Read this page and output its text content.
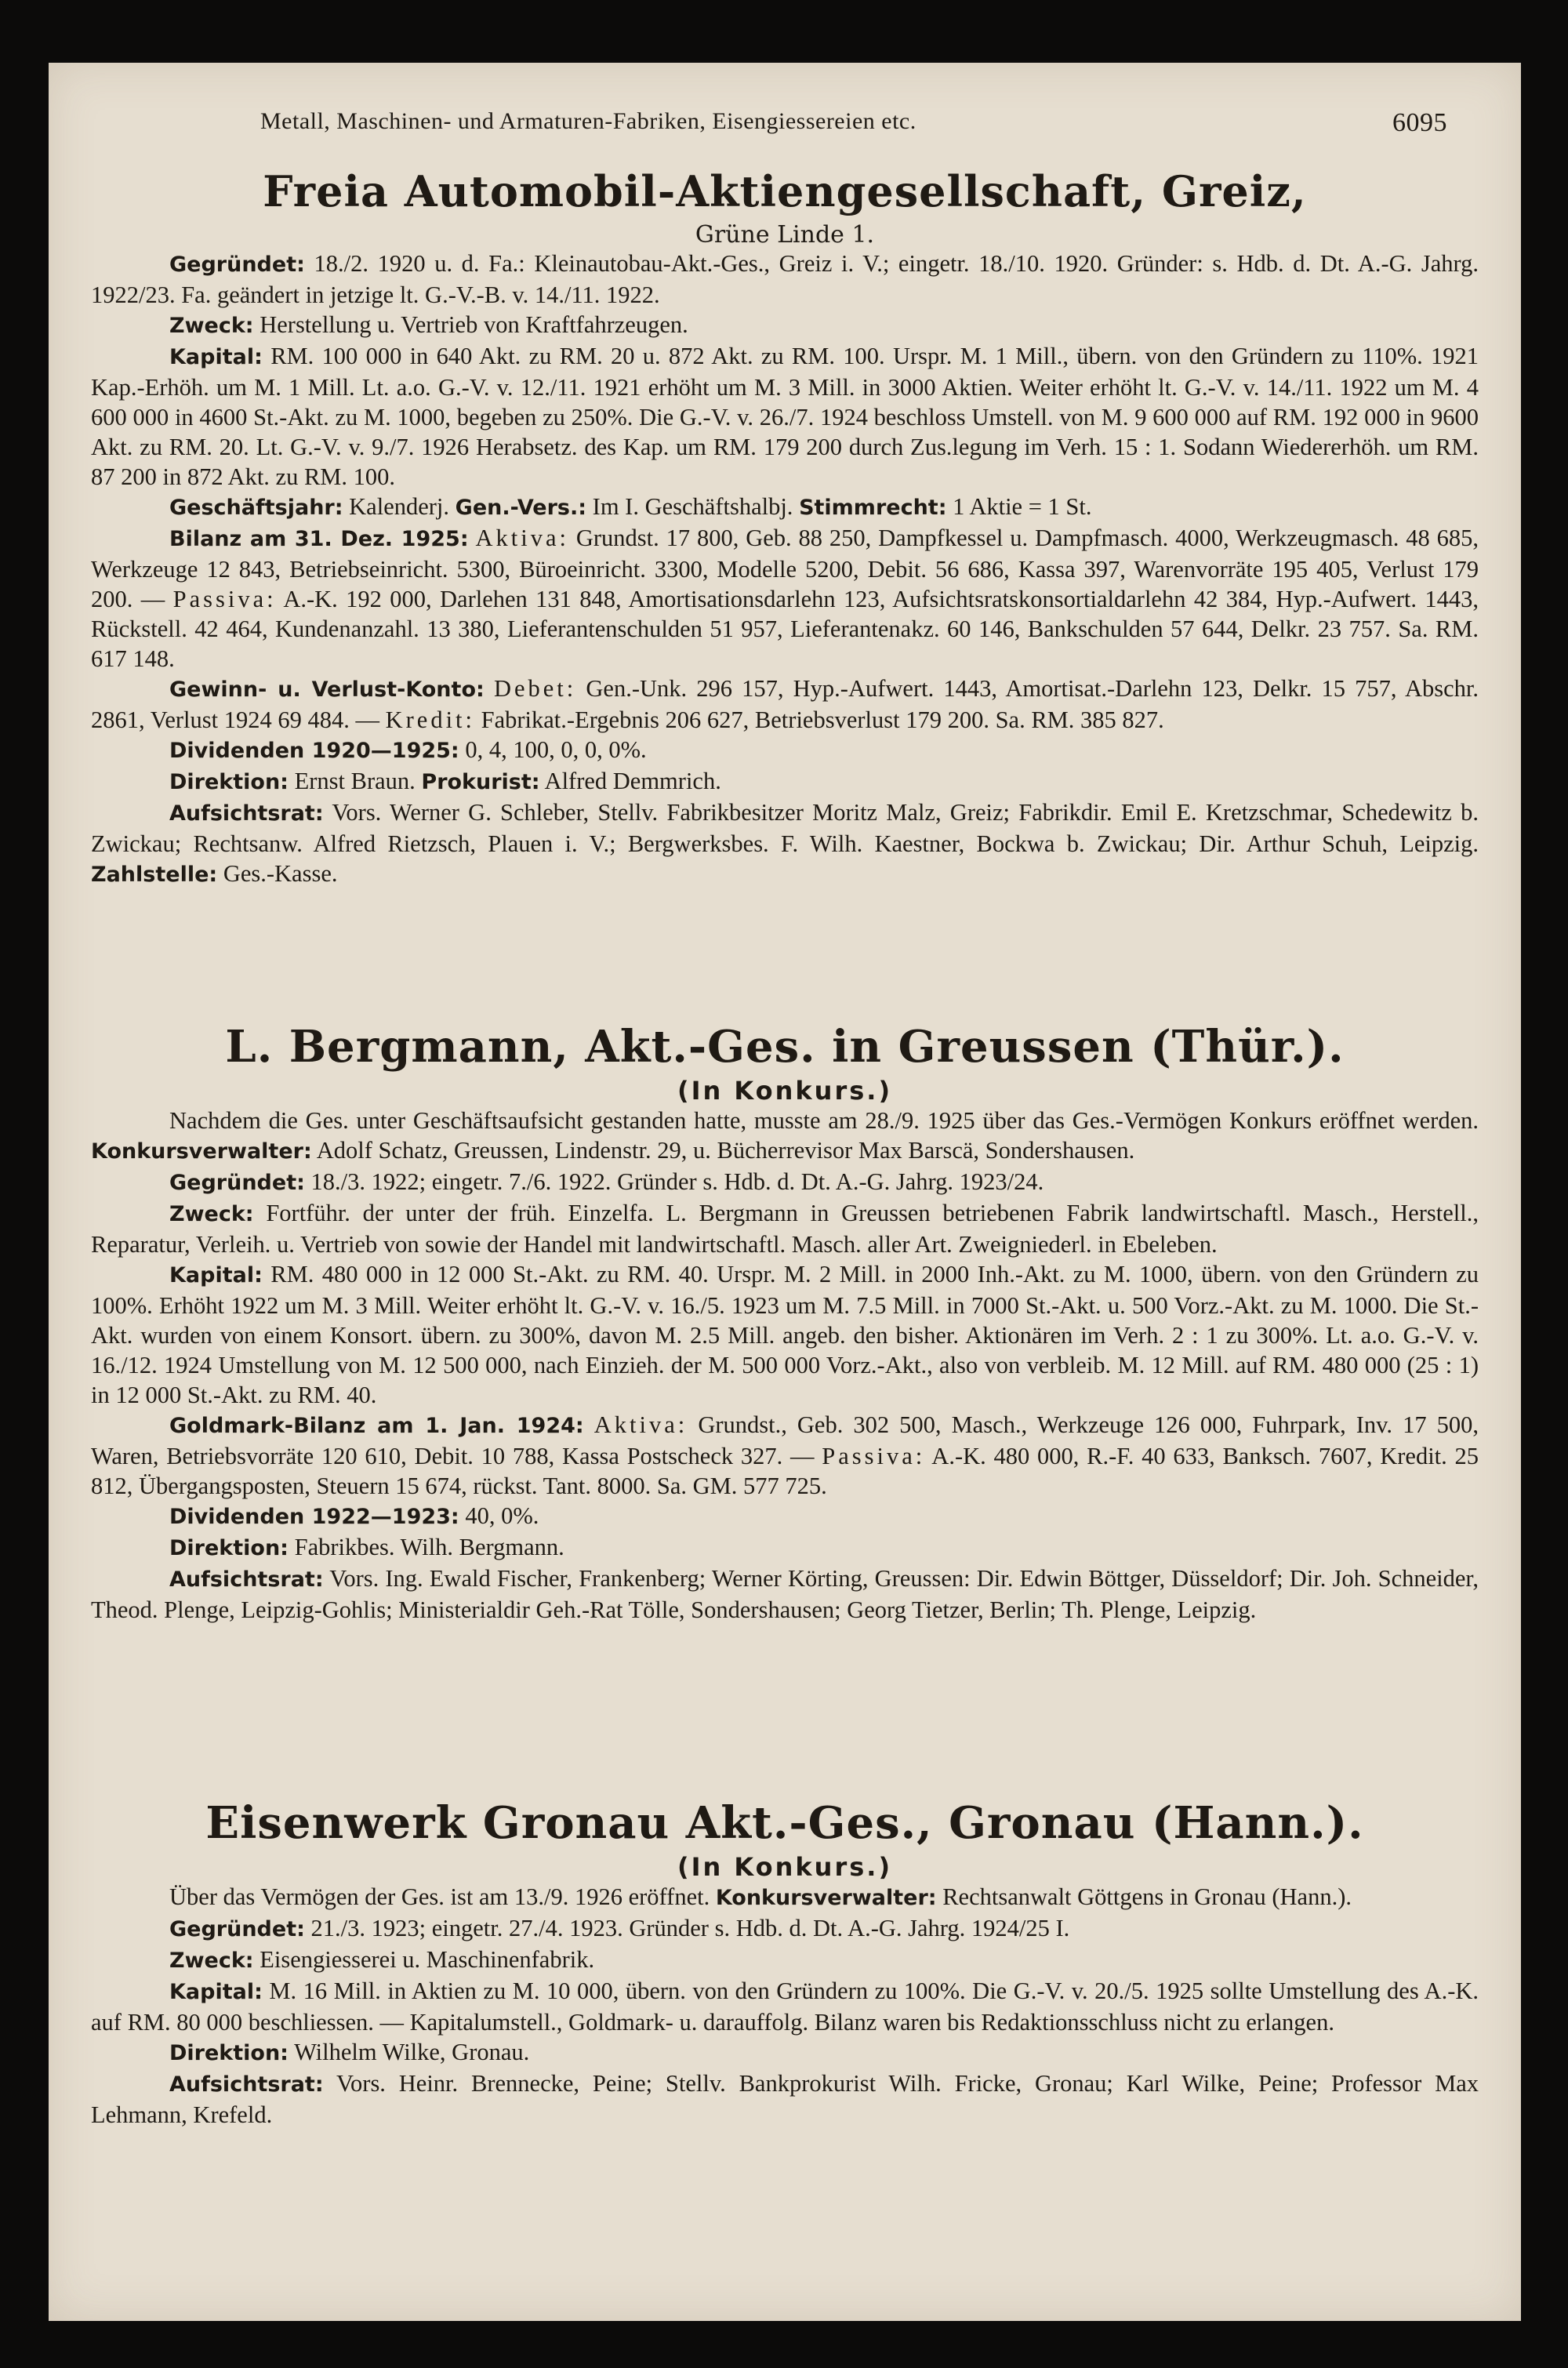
Metall, Maschinen- und Armaturen-Fabriken, Eisengiessereien etc.	6095
Freia Automobil-Aktiengesellschaft, Greiz,
Grüne Linde 1.

Gegründet: 18./2. 1920 u. d. Fa.: Kleinautobau-Akt.-Ges., Greiz i. V.; eingetr. 18./10. 1920. Gründer: s. Hdb. d. Dt. A.-G. Jahrg. 1922/23. Fa. geändert in jetzige lt. G.-V.-B. v. 14./11. 1922.

Zweck: Herstellung u. Vertrieb von Kraftfahrzeugen.

Kapital: RM. 100 000 in 640 Akt. zu RM. 20 u. 872 Akt. zu RM. 100. Urspr. M. 1 Mill., übern. von den Gründern zu 110%. 1921 Kap.-Erhöh. um M. 1 Mill. Lt. a.o. G.-V. v. 12./11. 1921 erhöht um M. 3 Mill. in 3000 Aktien. Weiter erhöht lt. G.-V. v. 14./11. 1922 um M. 4 600 000 in 4600 St.-Akt. zu M. 1000, begeben zu 250%. Die G.-V. v. 26./7. 1924 beschloss Umstell. von M. 9 600 000 auf RM. 192 000 in 9600 Akt. zu RM. 20. Lt. G.-V. v. 9./7. 1926 Herabsetz. des Kap. um RM. 179 200 durch Zus.legung im Verh. 15 : 1. Sodann Wiedererhöh. um RM. 87 200 in 872 Akt. zu RM. 100.

Geschäftsjahr: Kalenderj. Gen.-Vers.: Im I. Geschäftshalbj. Stimmrecht: 1 Aktie = 1 St.

Bilanz am 31. Dez. 1925: Aktiva: Grundst. 17 800, Geb. 88 250, Dampfkessel u. Dampfmasch. 4000, Werkzeugmasch. 48 685, Werkzeuge 12 843, Betriebseinricht. 5300, Büroeinricht. 3300, Modelle 5200, Debit. 56 686, Kassa 397, Warenvorräte 195 405, Verlust 179 200. — Passiva: A.-K. 192 000, Darlehen 131 848, Amortisationsdarlehn 123, Aufsichtsratskonsortialdarlehn 42 384, Hyp.-Aufwert. 1443, Rückstell. 42 464, Kundenanzahl. 13 380, Lieferantenschulden 51 957, Lieferantenakz. 60 146, Bankschulden 57 644, Delkr. 23 757. Sa. RM. 617 148.

Gewinn- u. Verlust-Konto: Debet: Gen.-Unk. 296 157, Hyp.-Aufwert. 1443, Amortisat.-Darlehn 123, Delkr. 15 757, Abschr. 2861, Verlust 1924 69 484. — Kredit: Fabrikat.-Ergebnis 206 627, Betriebsverlust 179 200. Sa. RM. 385 827.

Dividenden 1920—1925: 0, 4, 100, 0, 0, 0%.

Direktion: Ernst Braun. Prokurist: Alfred Demmrich.

Aufsichtsrat: Vors. Werner G. Schleber, Stellv. Fabrikbesitzer Moritz Malz, Greiz; Fabrikdir. Emil E. Kretzschmar, Schedewitz b. Zwickau; Rechtsanw. Alfred Rietzsch, Plauen i. V.; Bergwerksbes. F. Wilh. Kaestner, Bockwa b. Zwickau; Dir. Arthur Schuh, Leipzig. Zahlstelle: Ges.-Kasse.

L. Bergmann, Akt.-Ges. in Greussen (Thür.).
(In Konkurs.)

Nachdem die Ges. unter Geschäftsaufsicht gestanden hatte, musste am 28./9. 1925 über das Ges.-Vermögen Konkurs eröffnet werden. Konkursverwalter: Adolf Schatz, Greussen, Lindenstr. 29, u. Bücherrevisor Max Barscä, Sondershausen.

Gegründet: 18./3. 1922; eingetr. 7./6. 1922. Gründer s. Hdb. d. Dt. A.-G. Jahrg. 1923/24.

Zweck: Fortführ. der unter der früh. Einzelfa. L. Bergmann in Greussen betriebenen Fabrik landwirtschaftl. Masch., Herstell., Reparatur, Verleih. u. Vertrieb von sowie der Handel mit landwirtschaftl. Masch. aller Art. Zweigniederl. in Ebeleben.

Kapital: RM. 480 000 in 12 000 St.-Akt. zu RM. 40. Urspr. M. 2 Mill. in 2000 Inh.-Akt. zu M. 1000, übern. von den Gründern zu 100%. Erhöht 1922 um M. 3 Mill. Weiter erhöht lt. G.-V. v. 16./5. 1923 um M. 7.5 Mill. in 7000 St.-Akt. u. 500 Vorz.-Akt. zu M. 1000. Die St.-Akt. wurden von einem Konsort. übern. zu 300%, davon M. 2.5 Mill. angeb. den bisher. Aktionären im Verh. 2 : 1 zu 300%. Lt. a.o. G.-V. v. 16./12. 1924 Umstellung von M. 12 500 000, nach Einzieh. der M. 500 000 Vorz.-Akt., also von verbleib. M. 12 Mill. auf RM. 480 000 (25 : 1) in 12 000 St.-Akt. zu RM. 40.

Goldmark-Bilanz am 1. Jan. 1924: Aktiva: Grundst., Geb. 302 500, Masch., Werkzeuge 126 000, Fuhrpark, Inv. 17 500, Waren, Betriebsvorräte 120 610, Debit. 10 788, Kassa Postscheck 327. — Passiva: A.-K. 480 000, R.-F. 40 633, Banksch. 7607, Kredit. 25 812, Übergangsposten, Steuern 15 674, rückst. Tant. 8000. Sa. GM. 577 725.

Dividenden 1922—1923: 40, 0%.

Direktion: Fabrikbes. Wilh. Bergmann.

Aufsichtsrat: Vors. Ing. Ewald Fischer, Frankenberg; Werner Körting, Greussen: Dir. Edwin Böttger, Düsseldorf; Dir. Joh. Schneider, Theod. Plenge, Leipzig-Gohlis; Ministerialdir Geh.-Rat Tölle, Sondershausen; Georg Tietzer, Berlin; Th. Plenge, Leipzig.

Eisenwerk Gronau Akt.-Ges., Gronau (Hann.).
(In Konkurs.)

Über das Vermögen der Ges. ist am 13./9. 1926 eröffnet. Konkursverwalter: Rechtsanwalt Göttgens in Gronau (Hann.).

Gegründet: 21./3. 1923; eingetr. 27./4. 1923. Gründer s. Hdb. d. Dt. A.-G. Jahrg. 1924/25 I.

Zweck: Eisengiesserei u. Maschinenfabrik.

Kapital: M. 16 Mill. in Aktien zu M. 10 000, übern. von den Gründern zu 100%. Die G.-V. v. 20./5. 1925 sollte Umstellung des A.-K. auf RM. 80 000 beschliessen. — Kapitalumstell., Goldmark- u. darauffolg. Bilanz waren bis Redaktionsschluss nicht zu erlangen.

Direktion: Wilhelm Wilke, Gronau.

Aufsichtsrat: Vors. Heinr. Brennecke, Peine; Stellv. Bankprokurist Wilh. Fricke, Gronau; Karl Wilke, Peine; Professor Max Lehmann, Krefeld.
